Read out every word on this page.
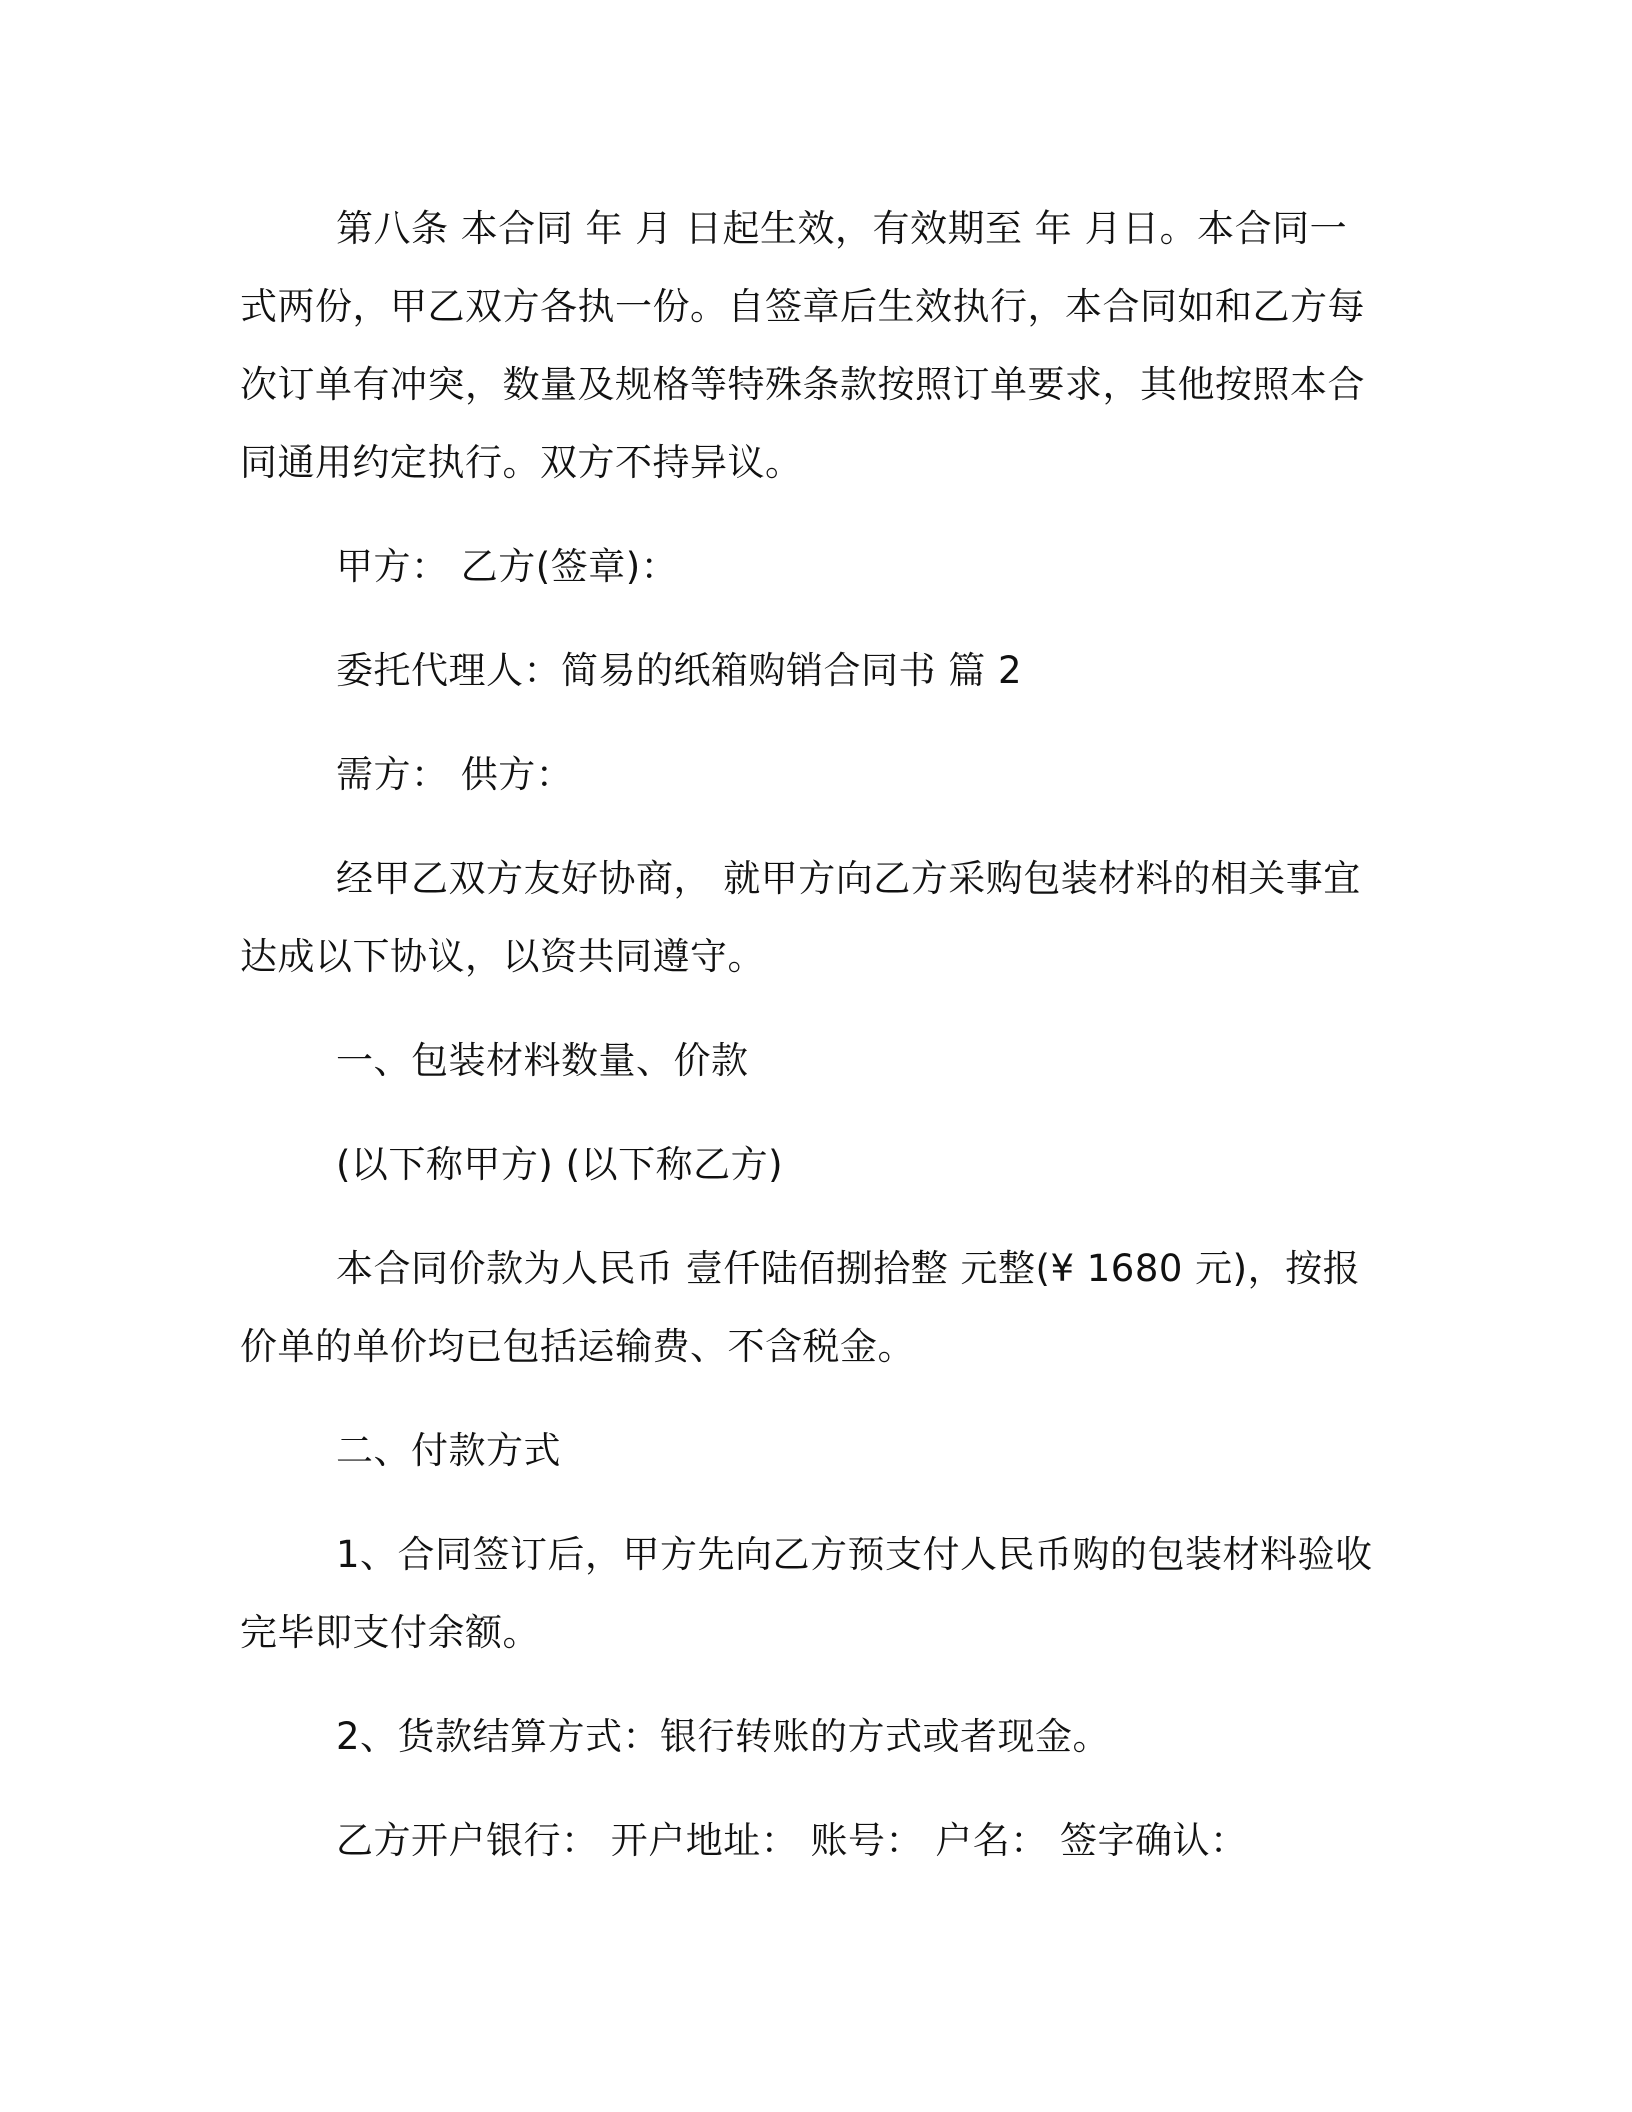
第八条 本合同 年 月 日起生效，有效期至 年 月日。本合同一式两份，甲乙双方各执一份。自签章后生效执行，本合同如和乙方每次订单有冲突，数量及规格等特殊条款按照订单要求，其他按照本合同通用约定执行。双方不持异议。

甲方： 乙方(签章)：

委托代理人：简易的纸箱购销合同书 篇 2

需方： 供方：

经甲乙双方友好协商， 就甲方向乙方采购包装材料的相关事宜达成以下协议，以资共同遵守。

一、包装材料数量、价款

(以下称甲方) (以下称乙方)

本合同价款为人民币 壹仟陆佰捌拾整 元整(¥ 1680 元)，按报价单的单价均已包括运输费、不含税金。

二、付款方式

1、合同签订后，甲方先向乙方预支付人民币购的包装材料验收完毕即支付余额。

2、货款结算方式：银行转账的方式或者现金。

乙方开户银行： 开户地址： 账号： 户名： 签字确认：
